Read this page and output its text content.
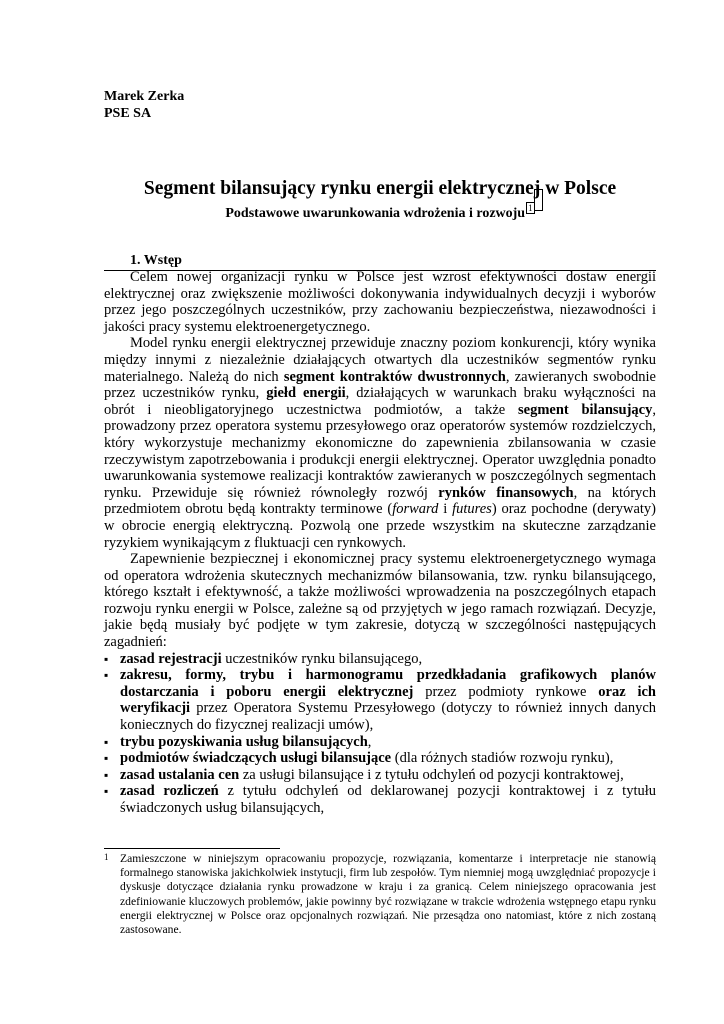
Marek Zerka
PSE SA
Segment bilansujący rynku energii elektrycznej w Polsce
Podstawowe uwarunkowania wdrożenia i rozwoju 1
1. Wstęp

Celem nowej organizacji rynku w Polsce jest wzrost efektywności dostaw energii elektrycznej oraz zwiększenie możliwości dokonywania indywidualnych decyzji i wyborów przez jego poszczególnych uczestników, przy zachowaniu bezpieczeństwa, niezawodności i jakości pracy systemu elektroenergetycznego.

Model rynku energii elektrycznej przewiduje znaczny poziom konkurencji, który wynika między innymi z niezależnie działających otwartych dla uczestników segmentów rynku materialnego. Należą do nich segment kontraktów dwustronnych, zawieranych swobodnie przez uczestników rynku, giełd energii, działających w warunkach braku wyłączności na obrót i nieobligatoryjnego uczestnictwa podmiotów, a także segment bilansujący, prowadzony przez operatora systemu przesyłowego oraz operatorów systemów rozdzielczych, który wykorzystuje mechanizmy ekonomiczne do zapewnienia zbilansowania w czasie rzeczywistym zapotrzebowania i produkcji energii elektrycznej. Operator uwzględnia ponadto uwarunkowania systemowe realizacji kontraktów zawieranych w poszczególnych segmentach rynku. Przewiduje się również równoległy rozwój rynków finansowych, na których przedmiotem obrotu będą kontrakty terminowe (forward i futures) oraz pochodne (derywaty) w obrocie energią elektryczną. Pozwolą one przede wszystkim na skuteczne zarządzanie ryzykiem wynikającym z fluktuacji cen rynkowych.

Zapewnienie bezpiecznej i ekonomicznej pracy systemu elektroenergetycznego wymaga od operatora wdrożenia skutecznych mechanizmów bilansowania, tzw. rynku bilansującego, którego kształt i efektywność, a także możliwości wprowadzenia na poszczególnych etapach rozwoju rynku energii w Polsce, zależne są od przyjętych w jego ramach rozwiązań. Decyzje, jakie będą musiały być podjęte w tym zakresie, dotyczą w szczególności następujących zagadnień:

▪ zasad rejestracji uczestników rynku bilansującego,
▪ zakresu, formy, trybu i harmonogramu przedkładania grafikowych planów dostarczania i poboru energii elektrycznej przez podmioty rynkowe oraz ich weryfikacji przez Operatora Systemu Przesyłowego (dotyczy to również innych danych koniecznych do fizycznej realizacji umów),
▪ trybu pozyskiwania usług bilansujących,
▪ podmiotów świadczących usługi bilansujące (dla różnych stadiów rozwoju rynku),
▪ zasad ustalania cen za usługi bilansujące i z tytułu odchyleń od pozycji kontraktowej,
▪ zasad rozliczeń z tytułu odchyleń od deklarowanej pozycji kontraktowej i z tytułu świadczonych usług bilansujących,
1 Zamieszczone w niniejszym opracowaniu propozycje, rozwiązania, komentarze i interpretacje nie stanowią formalnego stanowiska jakichkolwiek instytucji, firm lub zespołów. Tym niemniej mogą uwzględniać propozycje i dyskusje dotyczące działania rynku prowadzone w kraju i za granicą. Celem niniejszego opracowania jest zdefiniowanie kluczowych problemów, jakie powinny być rozwiązane w trakcie wdrożenia wstępnego etapu rynku energii elektrycznej w Polsce oraz opcjonalnych rozwiązań. Nie przesądza ono natomiast, które z nich zostaną zastosowane.
